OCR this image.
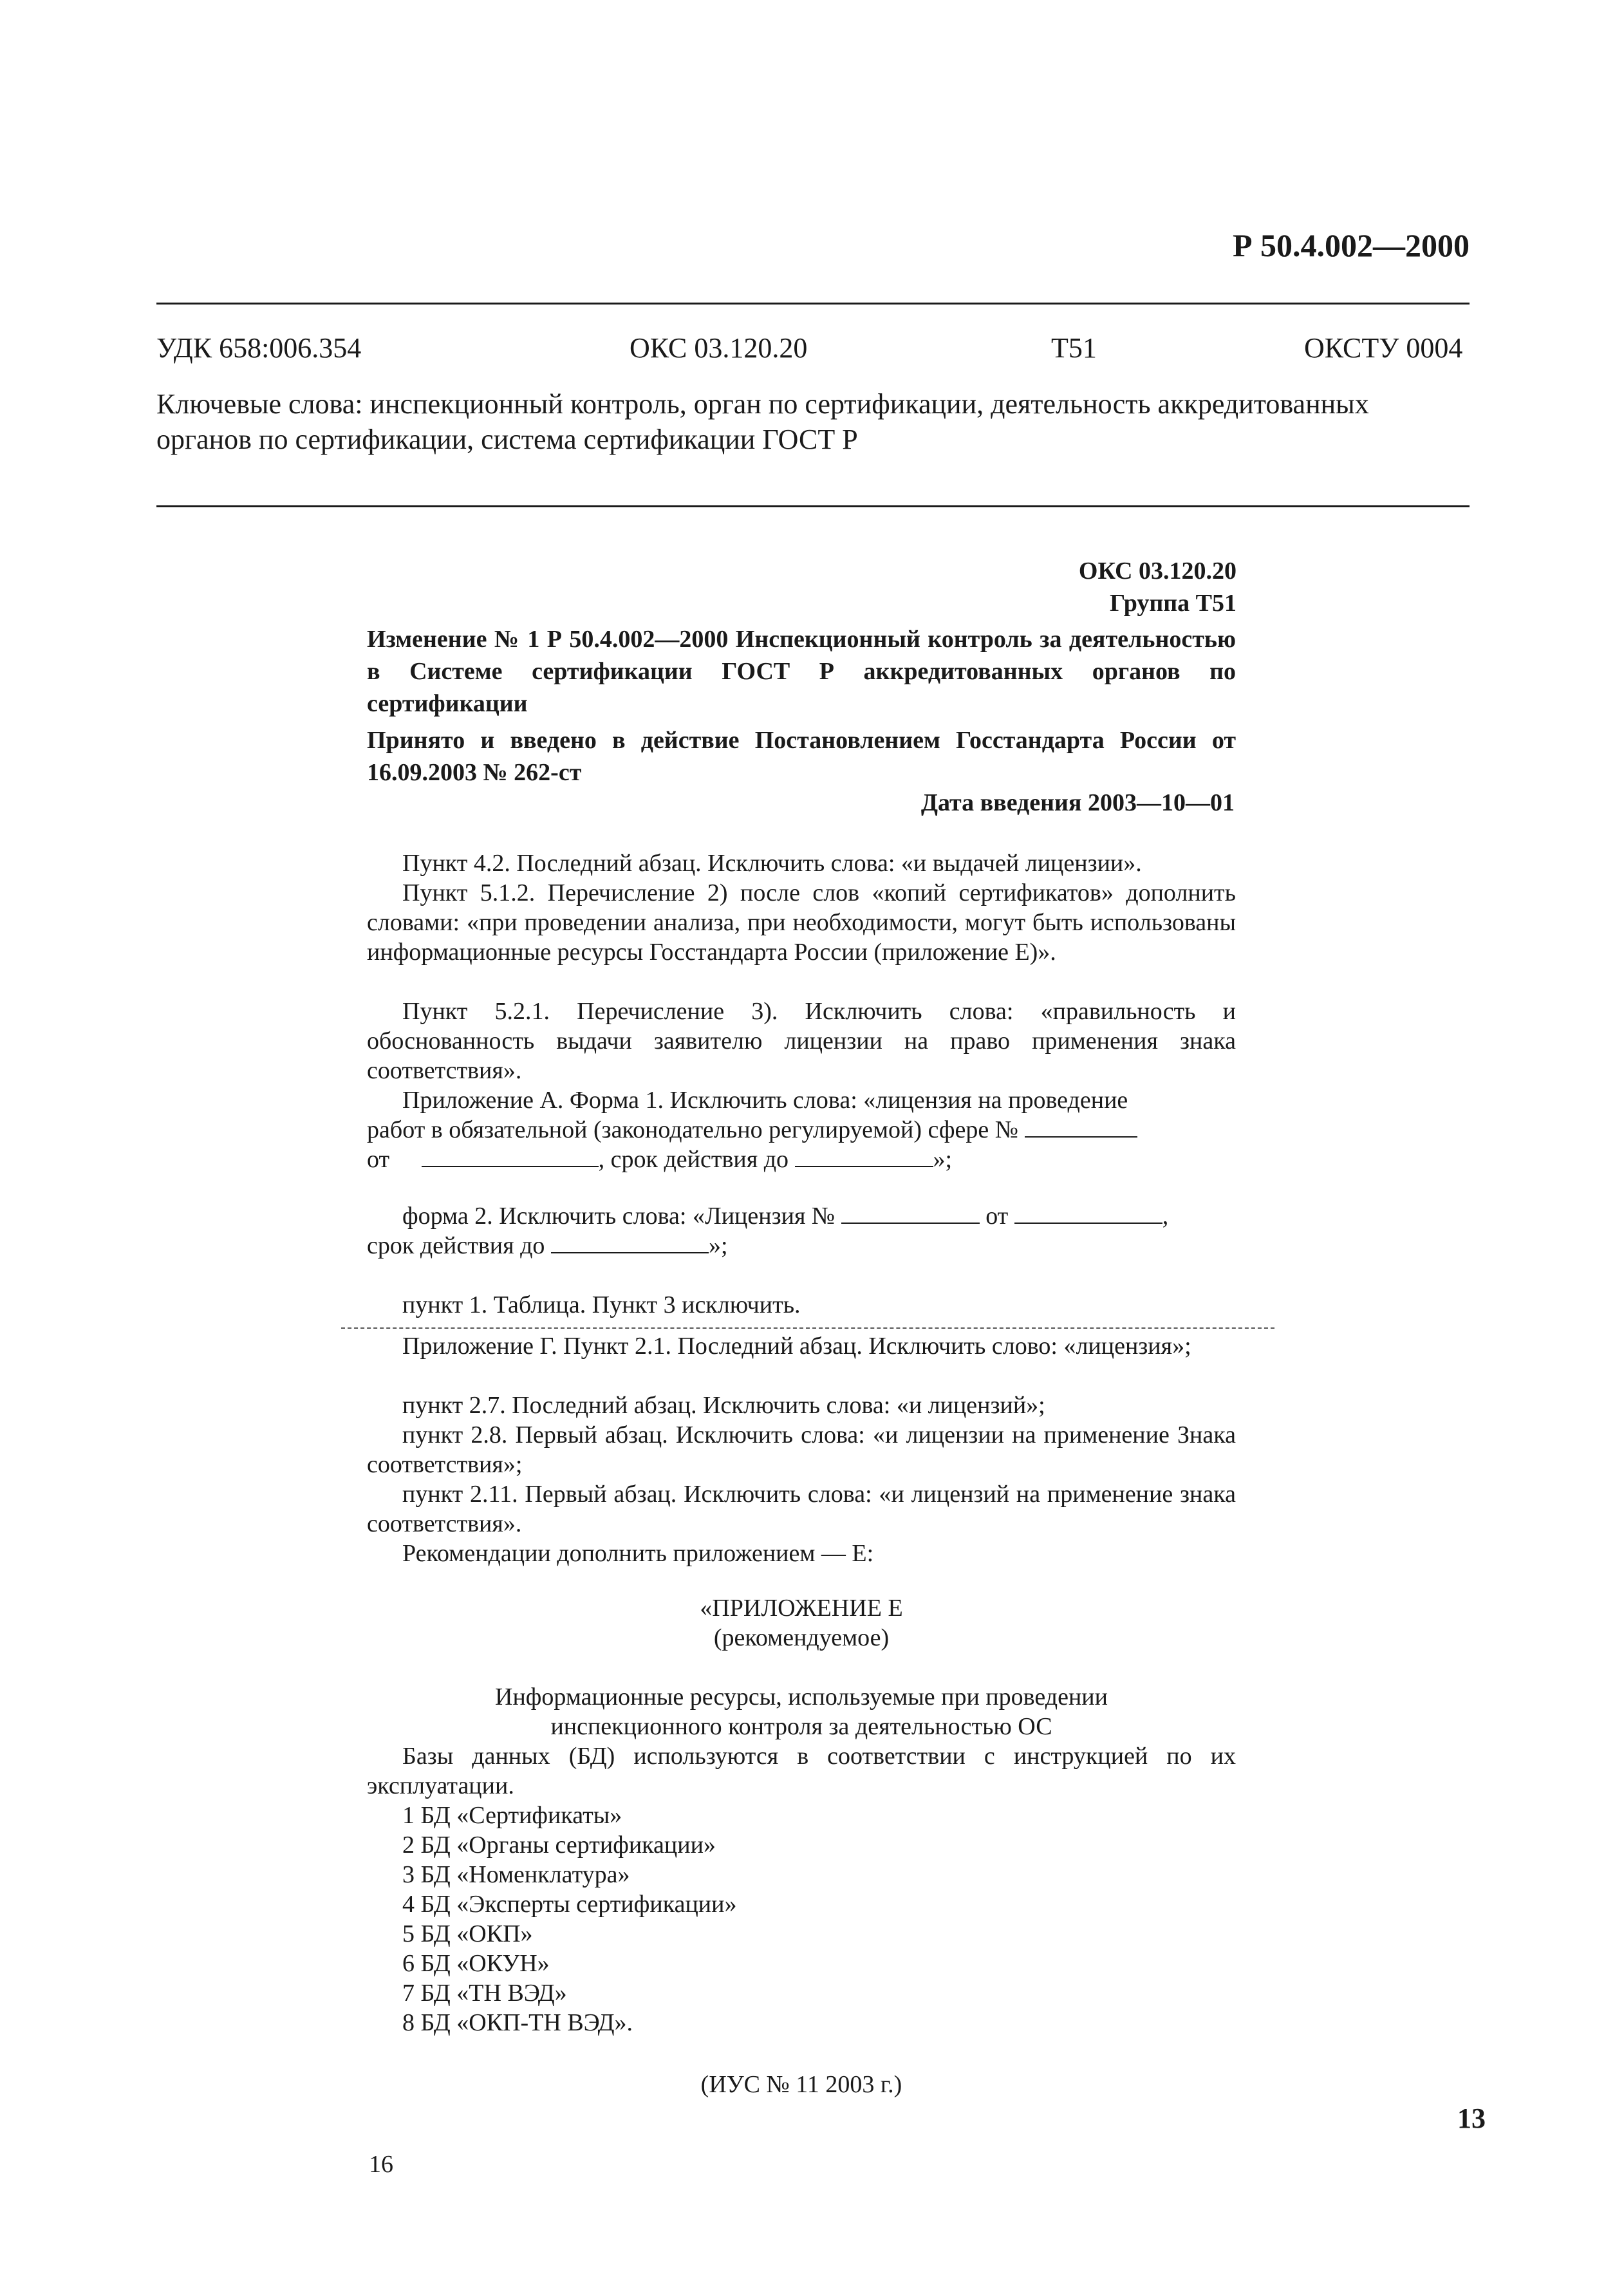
Р 50.4.002—2000
УДК 658:006.354	ОКС 03.120.20	Т51	ОКСТУ 0004
Ключевые слова: инспекционный контроль, орган по сертификации, деятельность аккредитованных органов по сертификации, система сертификации ГОСТ Р
ОКС 03.120.20
Группа Т51
Изменение № 1 Р 50.4.002—2000 Инспекционный контроль за деятельностью в Системе сертификации ГОСТ Р аккредитованных органов по сертификации
Принято и введено в действие Постановлением Госстандарта России от 16.09.2003 № 262-ст
Дата введения 2003—10—01
Пункт 4.2. Последний абзац. Исключить слова: «и выдачей лицензии».
Пункт 5.1.2. Перечисление 2) после слов «копий сертификатов» дополнить словами: «при проведении анализа, при необходимости, могут быть использованы информационные ресурсы Госстандарта России (приложение Е)».
Пункт 5.2.1. Перечисление 3). Исключить слова: «правильность и обоснованность выдачи заявителю лицензии на право применения знака соответствия».
Приложение А. Форма 1. Исключить слова: «лицензия на проведение
работ в обязательной (законодательно регулируемой) сфере №
от	, срок действия до	»;
форма 2. Исключить слова: «Лицензия №	от	,
срок действия до	»;
пункт 1. Таблица. Пункт 3 исключить.
Приложение Г. Пункт 2.1. Последний абзац. Исключить слово: «лицензия»;
пункт 2.7. Последний абзац. Исключить слова: «и лицензий»;
пункт 2.8. Первый абзац. Исключить слова: «и лицензии на применение Знака соответствия»;
пункт 2.11. Первый абзац. Исключить слова: «и лицензий на применение знака соответствия».
Рекомендации дополнить приложением — Е:
«ПРИЛОЖЕНИЕ Е
(рекомендуемое)
Информационные ресурсы, используемые при проведении
инспекционного контроля за деятельностью ОС
Базы данных (БД) используются в соответствии с инструкцией по их эксплуатации.
1 БД «Сертификаты»
2 БД «Органы сертификации»
3 БД «Номенклатура»
4 БД «Эксперты сертификации»
5 БД «ОКП»
6 БД «ОКУН»
7 БД «ТН ВЭД»
8 БД «ОКП-ТН ВЭД».
(ИУС № 11 2003 г.)
16
13
